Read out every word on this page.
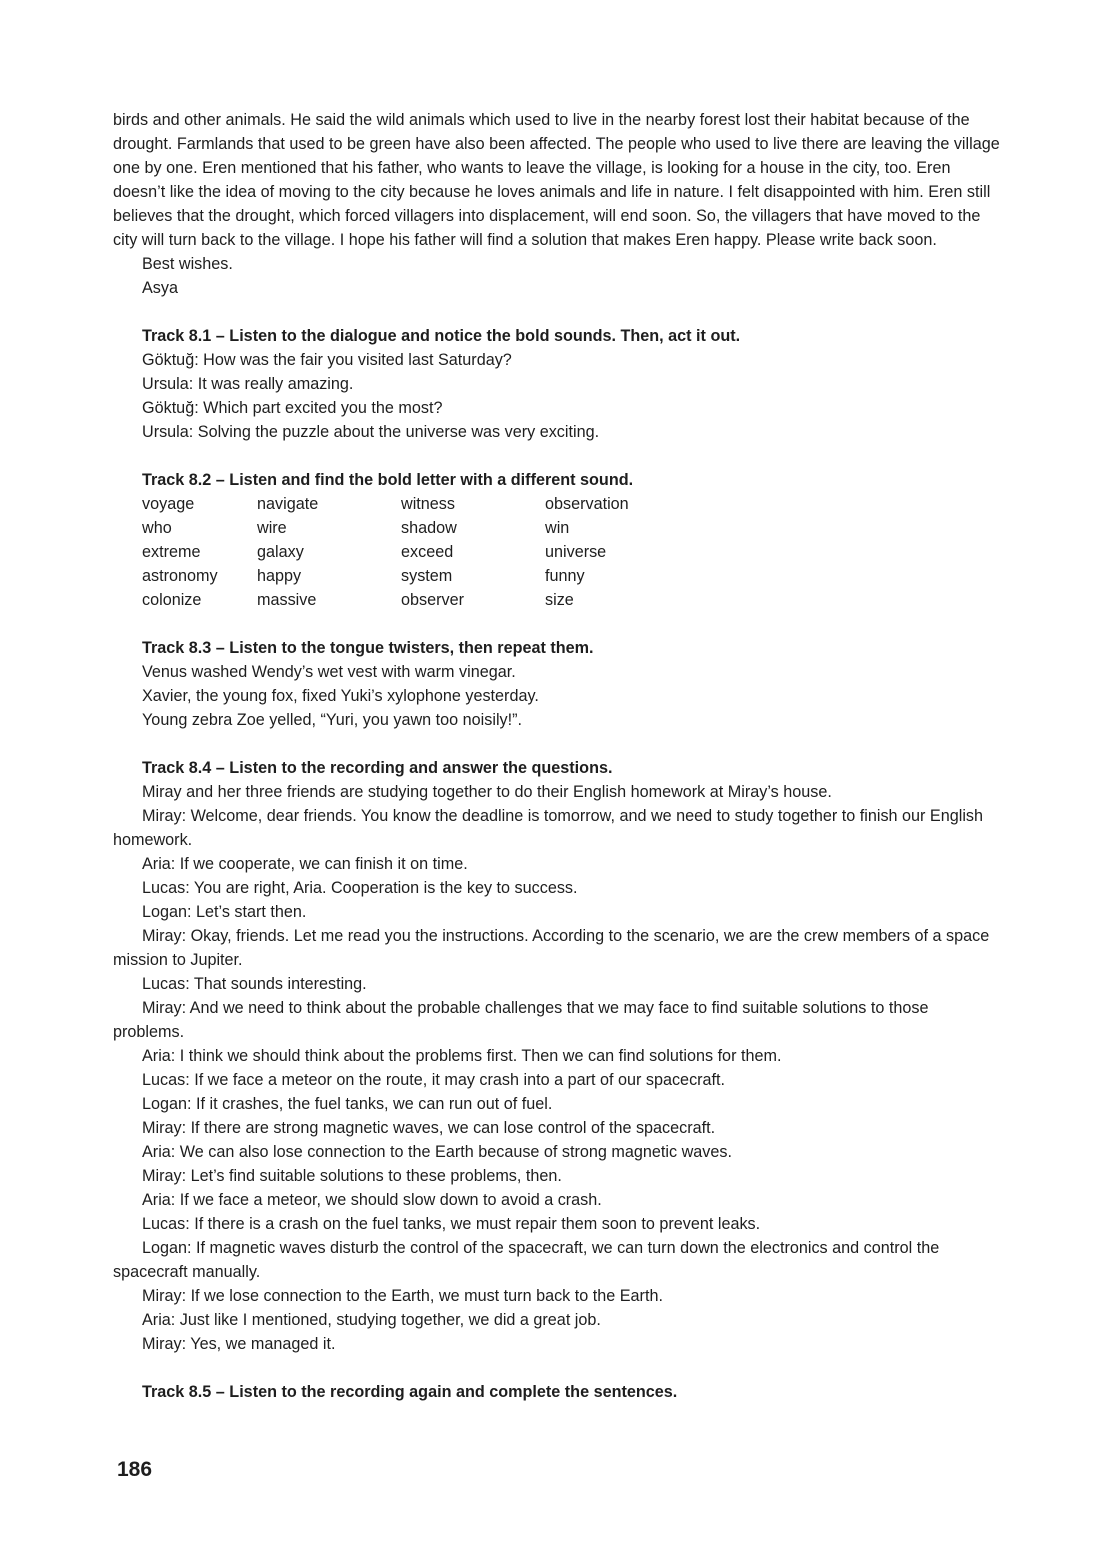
birds and other animals. He said the wild animals which used to live in the nearby forest lost their habitat because of the drought. Farmlands that used to be green have also been affected. The people who used to live there are leaving the village one by one. Eren mentioned that his father, who wants to leave the village, is looking for a house in the city, too. Eren doesn’t like the idea of moving to the city because he loves animals and life in nature. I felt disappointed with him. Eren still believes that the drought, which forced villagers into displacement, will end soon. So, the villagers that have moved to the city will turn back to the village. I hope his father will find a solution that makes Eren happy. Please write back soon.

Best wishes.
Asya
Track 8.1 – Listen to the dialogue and notice the bold sounds. Then, act it out.
Göktuğ: How was the fair you visited last Saturday?
Ursula: It was really amazing.
Göktuğ: Which part excited you the most?
Ursula: Solving the puzzle about the universe was very exciting.
Track 8.2 – Listen and find the bold letter with a different sound.
voyage	navigate	witness	observation
who	wire	shadow	win
extreme	galaxy	exceed	universe
astronomy	happy	system	funny
colonize	massive	observer	size
Track 8.3 – Listen to the tongue twisters, then repeat them.
Venus washed Wendy’s wet vest with warm vinegar.
Xavier, the young fox, fixed Yuki’s xylophone yesterday.
Young zebra Zoe yelled, “Yuri, you yawn too noisily!”.
Track 8.4 – Listen to the recording and answer the questions.
Miray and her three friends are studying together to do their English homework at Miray’s house.
Miray: Welcome, dear friends. You know the deadline is tomorrow, and we need to study together to finish our English homework.
Aria: If we cooperate, we can finish it on time.
Lucas: You are right, Aria. Cooperation is the key to success.
Logan: Let’s start then.
Miray: Okay, friends. Let me read you the instructions. According to the scenario, we are the crew members of a space mission to Jupiter.
Lucas: That sounds interesting.
Miray: And we need to think about the probable challenges that we may face to find suitable solutions to those problems.
Aria: I think we should think about the problems first. Then we can find solutions for them.
Lucas: If we face a meteor on the route, it may crash into a part of our spacecraft.
Logan: If it crashes, the fuel tanks, we can run out of fuel.
Miray: If there are strong magnetic waves, we can lose control of the spacecraft.
Aria: We can also lose connection to the Earth because of strong magnetic waves.
Miray: Let’s find suitable solutions to these problems, then.
Aria: If we face a meteor, we should slow down to avoid a crash.
Lucas: If there is a crash on the fuel tanks, we must repair them soon to prevent leaks.
Logan: If magnetic waves disturb the control of the spacecraft, we can turn down the electronics and control the spacecraft manually.
Miray: If we lose connection to the Earth, we must turn back to the Earth.
Aria: Just like I mentioned, studying together, we did a great job.
Miray: Yes, we managed it.
Track 8.5 – Listen to the recording again and complete the sentences.
186
